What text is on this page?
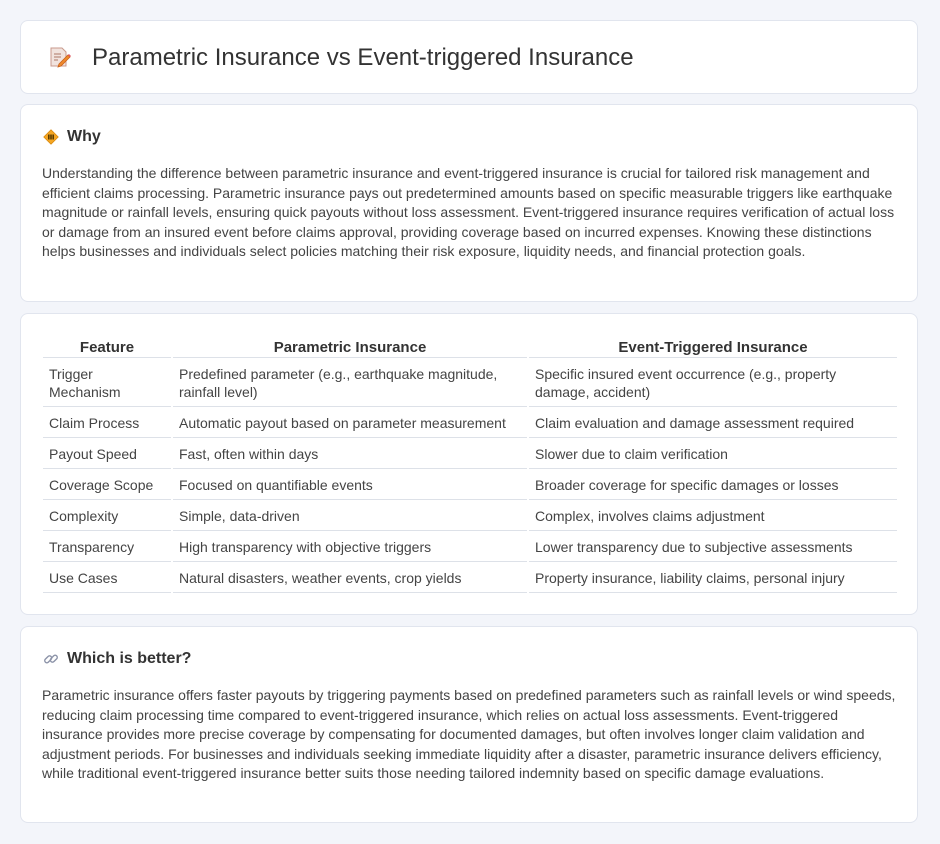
Parametric Insurance vs Event-triggered Insurance
Why

Understanding the difference between parametric insurance and event-triggered insurance is crucial for tailored risk management and efficient claims processing. Parametric insurance pays out predetermined amounts based on specific measurable triggers like earthquake magnitude or rainfall levels, ensuring quick payouts without loss assessment. Event-triggered insurance requires verification of actual loss or damage from an insured event before claims approval, providing coverage based on incurred expenses. Knowing these distinctions helps businesses and individuals select policies matching their risk exposure, liquidity needs, and financial protection goals.

Feature	Parametric Insurance	Event-Triggered Insurance
Trigger Mechanism	Predefined parameter (e.g., earthquake magnitude, rainfall level)	Specific insured event occurrence (e.g., property damage, accident)
Claim Process	Automatic payout based on parameter measurement	Claim evaluation and damage assessment required
Payout Speed	Fast, often within days	Slower due to claim verification
Coverage Scope	Focused on quantifiable events	Broader coverage for specific damages or losses
Complexity	Simple, data-driven	Complex, involves claims adjustment
Transparency	High transparency with objective triggers	Lower transparency due to subjective assessments
Use Cases	Natural disasters, weather events, crop yields	Property insurance, liability claims, personal injury
Which is better?

Parametric insurance offers faster payouts by triggering payments based on predefined parameters such as rainfall levels or wind speeds, reducing claim processing time compared to event-triggered insurance, which relies on actual loss assessments. Event-triggered insurance provides more precise coverage by compensating for documented damages, but often involves longer claim validation and adjustment periods. For businesses and individuals seeking immediate liquidity after a disaster, parametric insurance delivers efficiency, while traditional event-triggered insurance better suits those needing tailored indemnity based on specific damage evaluations.
